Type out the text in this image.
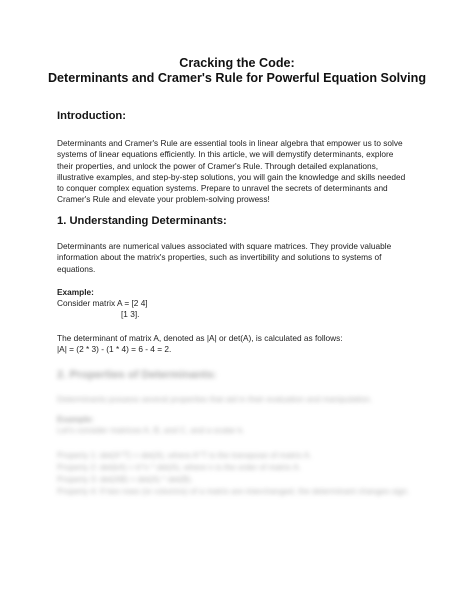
Cracking the Code:

Determinants and Cramer's Rule for Powerful Equation Solving

Introduction:

Determinants and Cramer's Rule are essential tools in linear algebra that empower us to solve
systems of linear equations efficiently. In this article, we will demystify determinants, explore
their properties, and unlock the power of Cramer's Rule. Through detailed explanations,
illustrative examples, and step-by-step solutions, you will gain the knowledge and skills needed
to conquer complex equation systems. Prepare to unravel the secrets of determinants and
Cramer's Rule and elevate your problem-solving prowess!

1. Understanding Determinants:

Determinants are numerical values associated with square matrices. They provide valuable
information about the matrix's properties, such as invertibility and solutions to systems of
equations.

Example:

Consider matrix A = [2 4]

[1 3].

The determinant of matrix A, denoted as |A| or det(A), is calculated as follows:

|A| = (2 * 3) - (1 * 4) = 6 - 4 = 2.

2. Properties of Determinants:

Determinants possess several properties that aid in their evaluation and manipulation.

Example:

Let's consider matrices A, B, and C, and a scalar k.

Property 1: det(A^T) = det(A), where A^T is the transpose of matrix A.

Property 2: det(kA) = k^n * det(A), where n is the order of matrix A.

Property 3: det(AB) = det(A) * det(B).

Property 4: If two rows (or columns) of a matrix are interchanged, the determinant changes sign.
